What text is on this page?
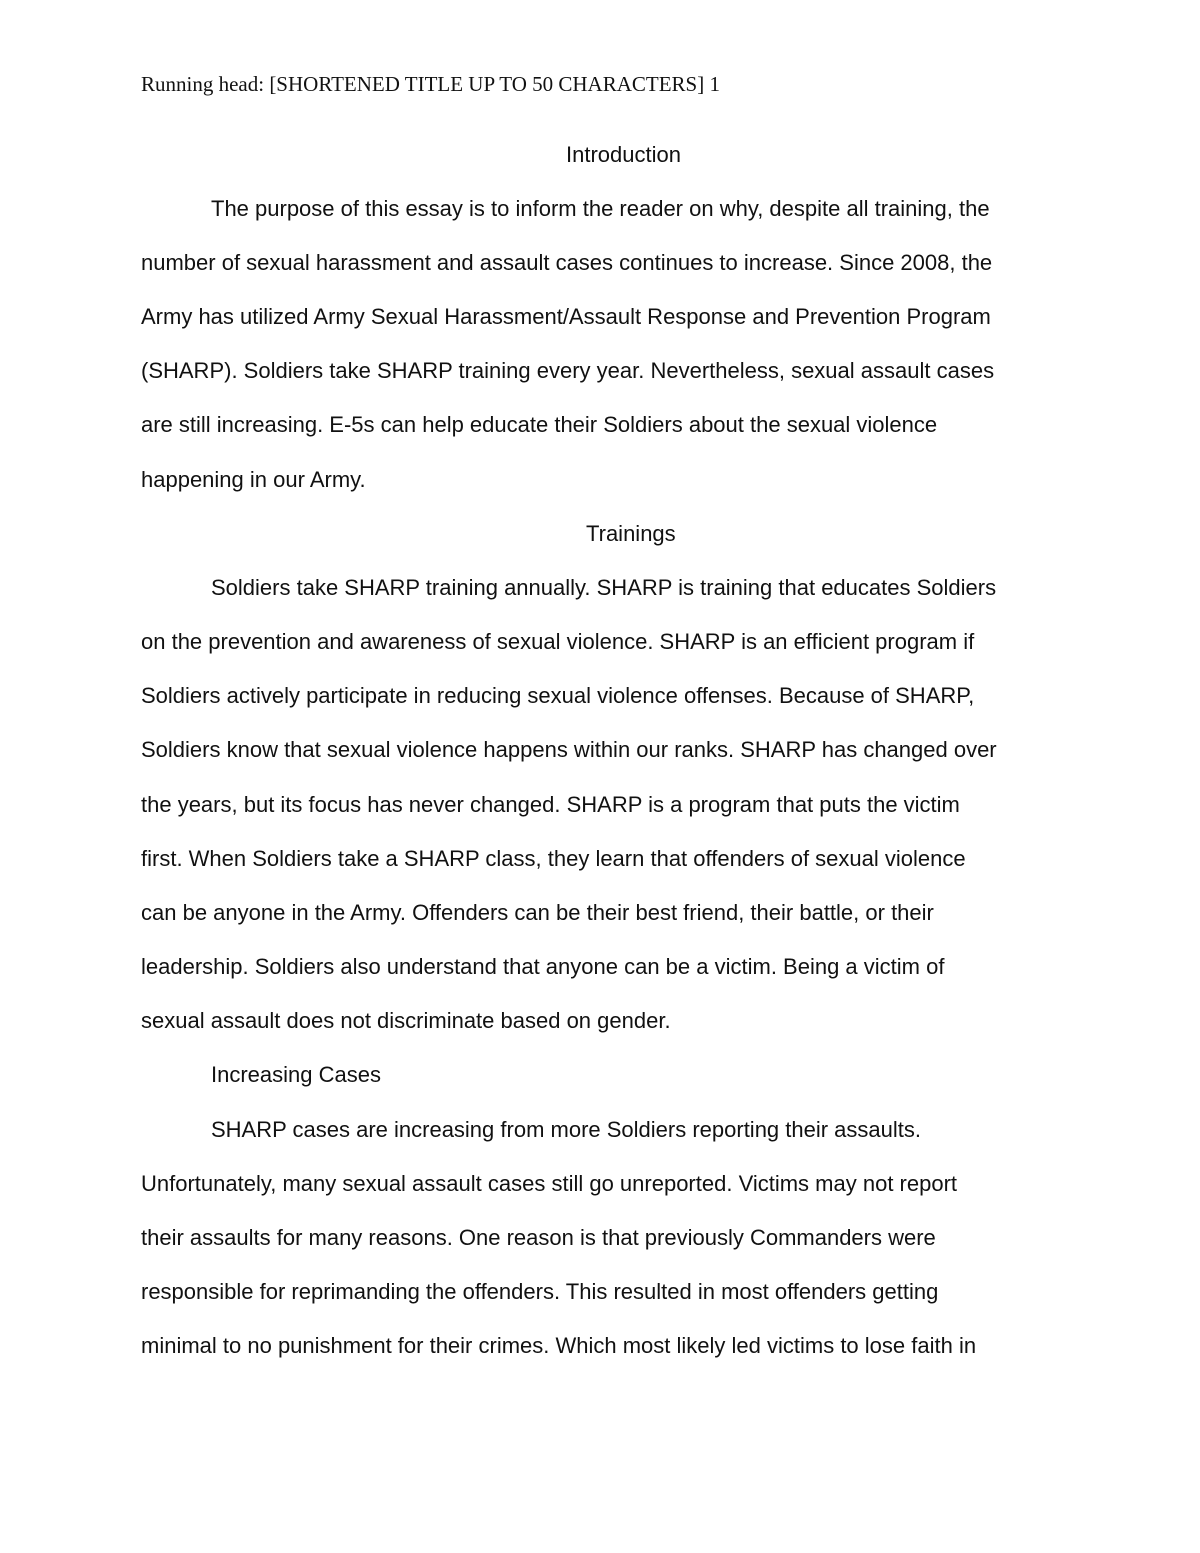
Running head: [SHORTENED TITLE UP TO 50 CHARACTERS] 1
Introduction
The purpose of this essay is to inform the reader on why, despite all training, the
number of sexual harassment and assault cases continues to increase. Since 2008, the
Army has utilized Army Sexual Harassment/Assault Response and Prevention Program
(SHARP). Soldiers take SHARP training every year. Nevertheless, sexual assault cases
are still increasing. E-5s can help educate their Soldiers about the sexual violence
happening in our Army.
Trainings
Soldiers take SHARP training annually. SHARP is training that educates Soldiers
on the prevention and awareness of sexual violence. SHARP is an efficient program if
Soldiers actively participate in reducing sexual violence offenses. Because of SHARP,
Soldiers know that sexual violence happens within our ranks. SHARP has changed over
the years, but its focus has never changed. SHARP is a program that puts the victim
first. When Soldiers take a SHARP class, they learn that offenders of sexual violence
can be anyone in the Army. Offenders can be their best friend, their battle, or their
leadership. Soldiers also understand that anyone can be a victim. Being a victim of
sexual assault does not discriminate based on gender.
Increasing Cases
SHARP cases are increasing from more Soldiers reporting their assaults.
Unfortunately, many sexual assault cases still go unreported. Victims may not report
their assaults for many reasons. One reason is that previously Commanders were
responsible for reprimanding the offenders. This resulted in most offenders getting
minimal to no punishment for their crimes. Which most likely led victims to lose faith in
